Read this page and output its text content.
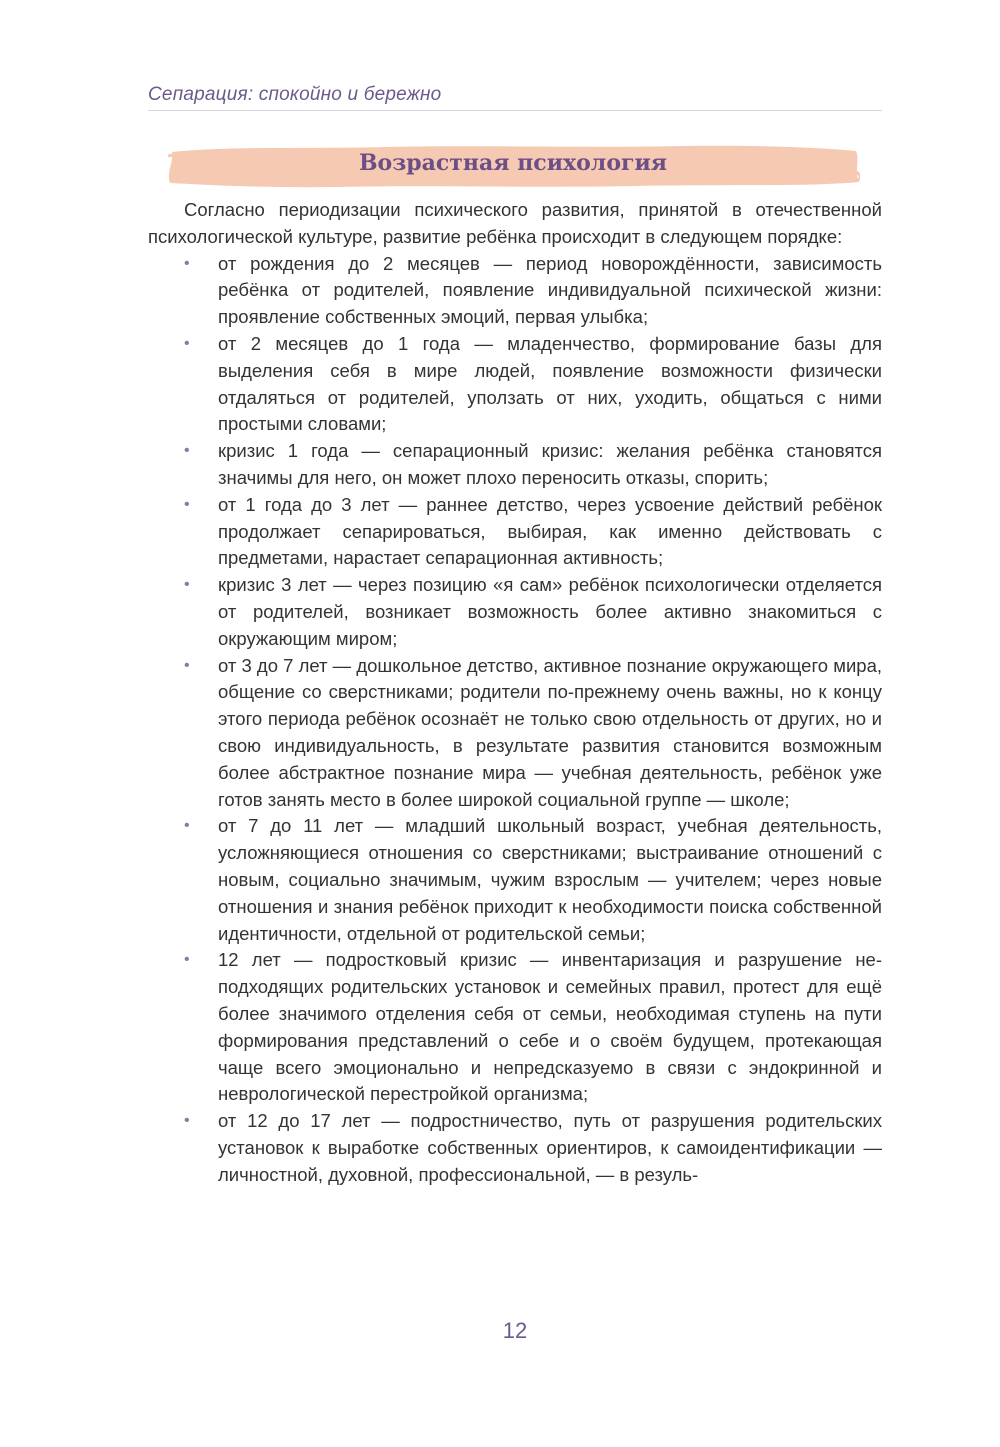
Сепарация: спокойно и бережно
Возрастная психология

Согласно периодизации психического развития, принятой в отечественной психологической культуре, развитие ребёнка происходит в следующем порядке:

• от рождения до 2 месяцев — период новорождённости, зависимость ребёнка от родителей, появление индивидуальной психической жизни: проявление собственных эмоций, первая улыбка;
• от 2 месяцев до 1 года — младенчество, формирование базы для выделения себя в мире людей, появление возможности физически отдаляться от родителей, уползать от них, уходить, общаться с ними простыми словами;
• кризис 1 года — сепарационный кризис: желания ребёнка становятся значимы для него, он может плохо переносить отказы, спорить;
• от 1 года до 3 лет — раннее детство, через усвоение действий ребёнок продолжает сепарироваться, выбирая, как именно действовать с предметами, нарастает сепарационная активность;
• кризис 3 лет — через позицию «я сам» ребёнок психологически отделяется от родителей, возникает возможность более активно знакомиться с окружающим миром;
• от 3 до 7 лет — дошкольное детство, активное познание окружающего мира, общение со сверстниками; родители по-прежнему очень важны, но к концу этого периода ребёнок осознаёт не только свою отдельность от других, но и свою индивидуальность, в результате развития становится возможным более абстрактное познание мира — учебная деятельность, ребёнок уже готов занять место в более широкой социальной группе — школе;
• от 7 до 11 лет — младший школьный возраст, учебная деятельность, усложняющиеся отношения со сверстниками; выстраивание отношений с новым, социально значимым, чужим взрослым — учителем; через новые отношения и знания ребёнок приходит к необходимости поиска собственной идентичности, отдельной от родительской семьи;
• 12 лет — подростковый кризис — инвентаризация и разрушение неподходящих родительских установок и семейных правил, протест для ещё более значимого отделения себя от семьи, необходимая ступень на пути формирования представлений о себе и о своём будущем, протекающая чаще всего эмоционально и непредсказуемо в связи с эндокринной и неврологической перестройкой организма;
• от 12 до 17 лет — подростничество, путь от разрушения родительских установок к выработке собственных ориентиров, к самоидентификации — личностной, духовной, профессиональной, — в резуль-
12
